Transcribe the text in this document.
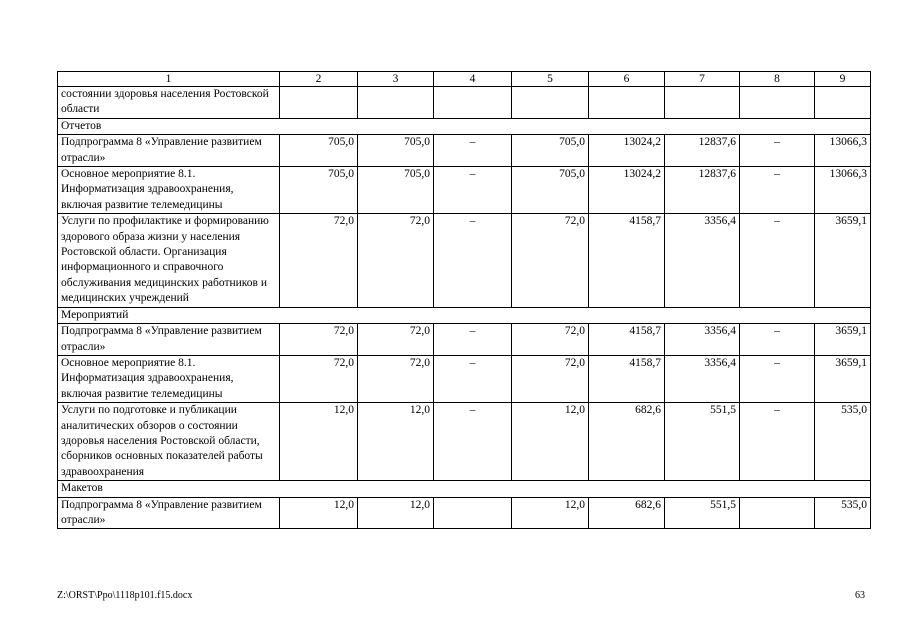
1	2	3	4	5	6	7	8	9
состоянии здоровья населения Ростовской области								
Отчетов								
Подпрограмма 8 «Управление развитием отрасли»	705,0	705,0	–	705,0	13024,2	12837,6	–	13066,3
Основное мероприятие 8.1. Информатизация здравоохранения, включая развитие телемедицины	705,0	705,0	–	705,0	13024,2	12837,6	–	13066,3
Услуги по профилактике и формированию здорового образа жизни у населения Ростовской области. Организация информационного и справочного обслуживания медицинских работников и медицинских учреждений	72,0	72,0	–	72,0	4158,7	3356,4	–	3659,1
Мероприятий								
Подпрограмма 8 «Управление развитием отрасли»	72,0	72,0	–	72,0	4158,7	3356,4	–	3659,1
Основное мероприятие 8.1. Информатизация здравоохранения, включая развитие телемедицины	72,0	72,0	–	72,0	4158,7	3356,4	–	3659,1
Услуги по подготовке и публикации аналитических обзоров о состоянии здоровья населения Ростовской области, сборников основных показателей работы здравоохранения	12,0	12,0	–	12,0	682,6	551,5	–	535,0
Макетов								
Подпрограмма 8 «Управление развитием отрасли»	12,0	12,0		12,0	682,6	551,5		535,0
Z:\ORST\Ppo\1118p101.f15.docx	63
